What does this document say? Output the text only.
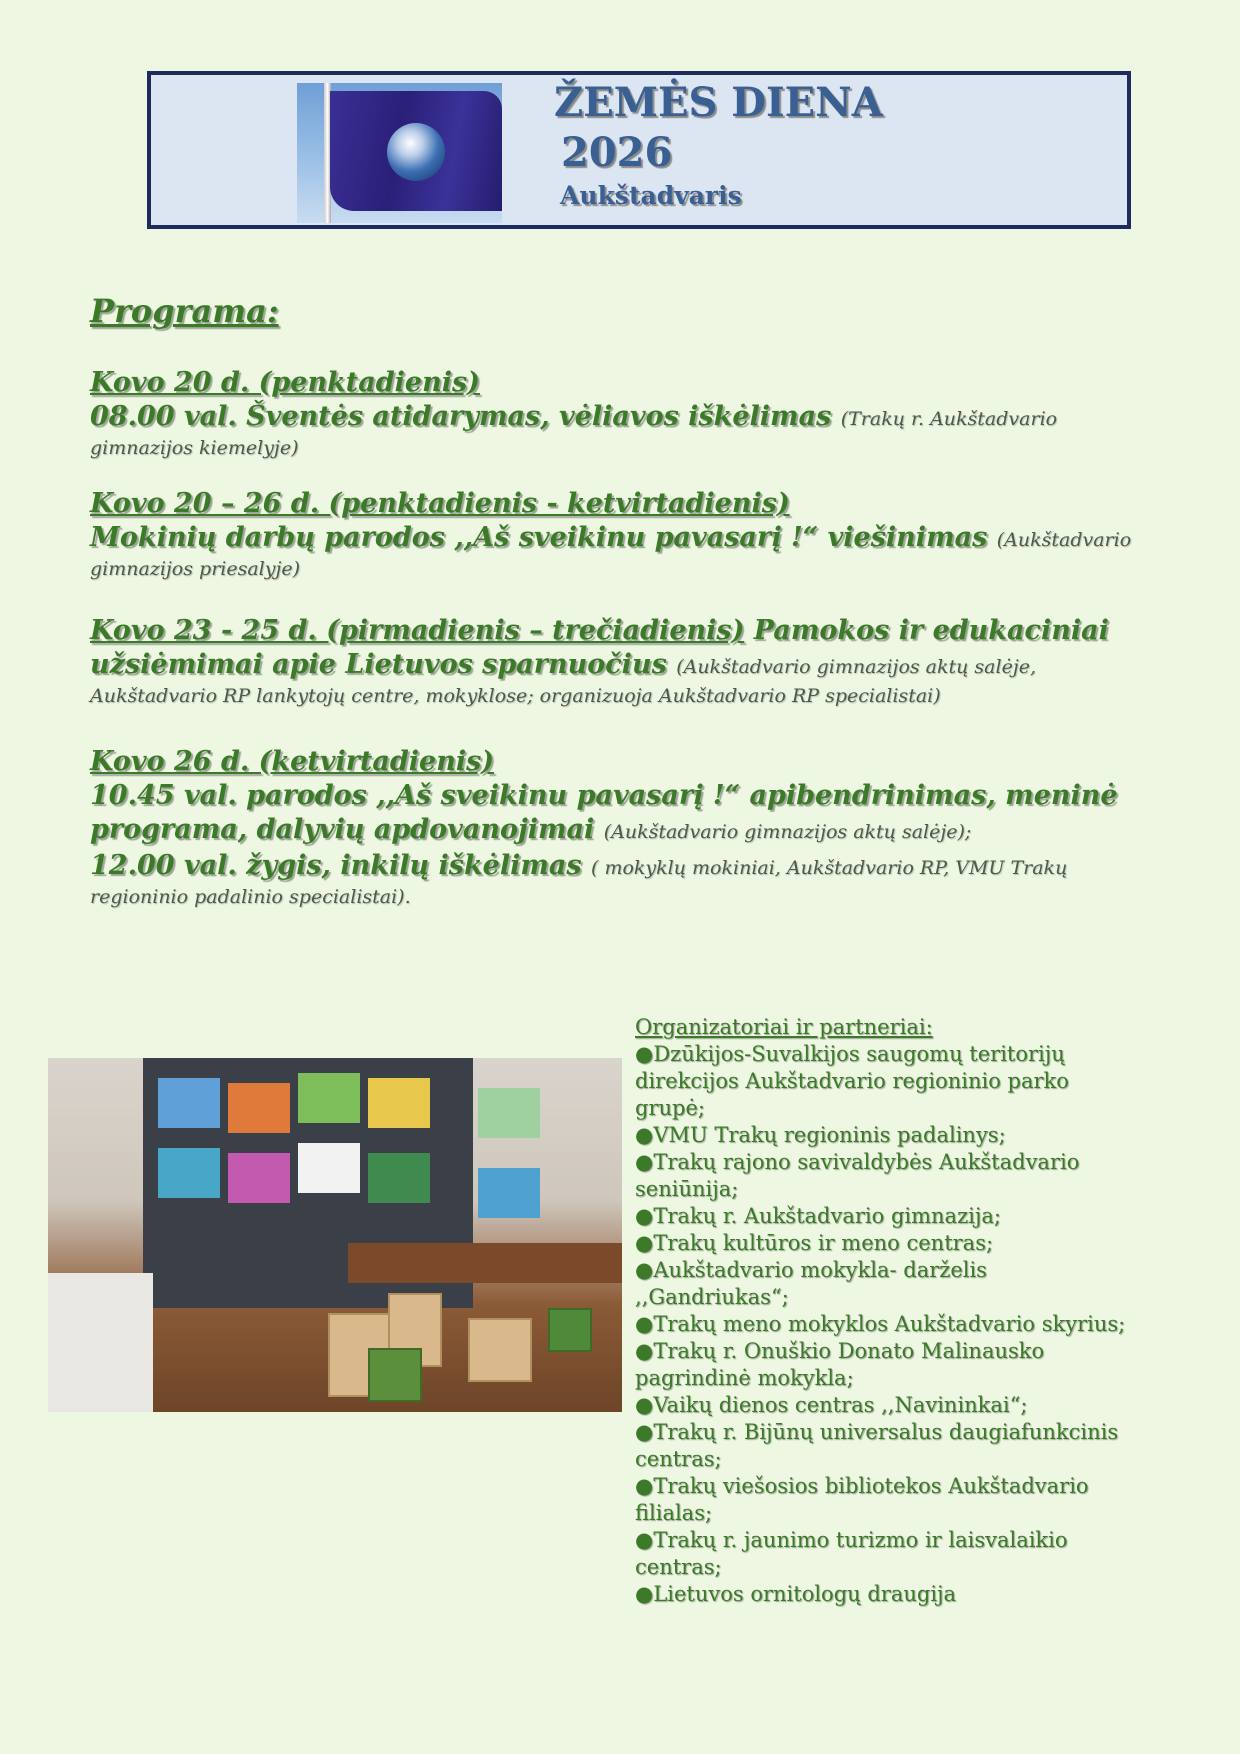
ŽEMĖS DIENA
2026
Aukštadvaris
Programa:
Kovo 20 d. (penktadienis)
08.00 val. Šventės atidarymas, vėliavos iškėlimas (Trakų r. Aukštadvario
gimnazijos kiemelyje)
Kovo 20 – 26 d. (penktadienis - ketvirtadienis)
Mokinių darbų parodos ,,Aš sveikinu pavasarį !“ viešinimas (Aukštadvario
gimnazijos priesalyje)
Kovo 23 - 25 d. (pirmadienis – trečiadienis) Pamokos ir edukaciniai
užsiėmimai apie Lietuvos sparnuočius (Aukštadvario gimnazijos aktų salėje,
Aukštadvario RP lankytojų centre, mokyklose; organizuoja Aukštadvario RP specialistai)
Kovo 26 d. (ketvirtadienis)
10.45 val. parodos ,,Aš sveikinu pavasarį !“ apibendrinimas, meninė
programa, dalyvių apdovanojimai (Aukštadvario gimnazijos aktų salėje);
12.00 val. žygis, inkilų iškėlimas ( mokyklų mokiniai, Aukštadvario RP, VMU Trakų
regioninio padalinio specialistai).
Organizatoriai ir partneriai:
●Dzūkijos-Suvalkijos saugomų teritorijų
direkcijos Aukštadvario regioninio parko
grupė;
●VMU Trakų regioninis padalinys;
●Trakų rajono savivaldybės Aukštadvario
seniūnija;
●Trakų r. Aukštadvario gimnazija;
●Trakų kultūros ir meno centras;
●Aukštadvario mokykla- darželis
,,Gandriukas“;
●Trakų meno mokyklos Aukštadvario skyrius;
●Trakų r. Onuškio Donato Malinausko
pagrindinė mokykla;
●Vaikų dienos centras ,,Navininkai“;
●Trakų r. Bijūnų universalus daugiafunkcinis
centras;
●Trakų viešosios bibliotekos Aukštadvario
filialas;
●Trakų r. jaunimo turizmo ir laisvalaikio
centras;
●Lietuvos ornitologų draugija
